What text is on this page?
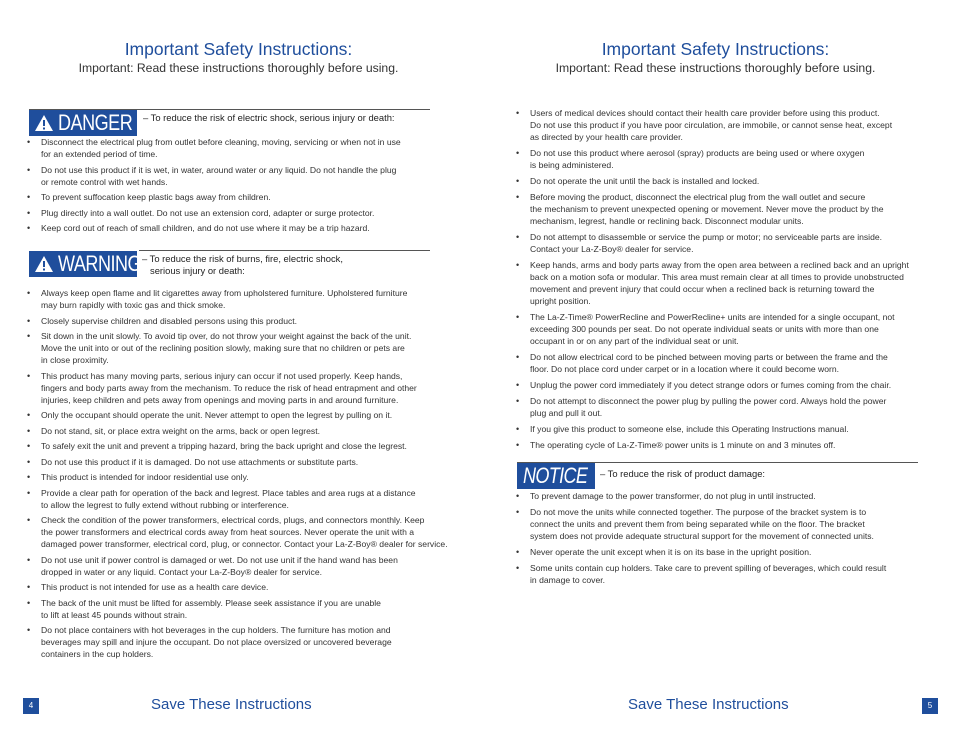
Important Safety Instructions:
Important: Read these instructions thoroughly before using.
DANGER – To reduce the risk of electric shock, serious injury or death:
• Disconnect the electrical plug from outlet before cleaning, moving, servicing or when not in use
for an extended period of time.
• Do not use this product if it is wet, in water, around water or any liquid. Do not handle the plug
or remote control with wet hands.
• To prevent suffocation keep plastic bags away from children.
• Plug directly into a wall outlet. Do not use an extension cord, adapter or surge protector.
• Keep cord out of reach of small children, and do not use where it may be a trip hazard.
WARNING – To reduce the risk of burns, fire, electric shock,
serious injury or death:
• Always keep open flame and lit cigarettes away from upholstered furniture. Upholstered furniture
may burn rapidly with toxic gas and thick smoke.
• Closely supervise children and disabled persons using this product.
• Sit down in the unit slowly. To avoid tip over, do not throw your weight against the back of the unit.
Move the unit into or out of the reclining position slowly, making sure that no children or pets are
in close proximity.
• This product has many moving parts, serious injury can occur if not used properly. Keep hands,
fingers and body parts away from the mechanism. To reduce the risk of head entrapment and other
injuries, keep children and pets away from openings and moving parts in and around furniture.
• Only the occupant should operate the unit. Never attempt to open the legrest by pulling on it.
• Do not stand, sit, or place extra weight on the arms, back or open legrest.
• To safely exit the unit and prevent a tripping hazard, bring the back upright and close the legrest.
• Do not use this product if it is damaged. Do not use attachments or substitute parts.
• This product is intended for indoor residential use only.
• Provide a clear path for operation of the back and legrest. Place tables and area rugs at a distance
to allow the legrest to fully extend without rubbing or interference.
• Check the condition of the power transformers, electrical cords, plugs, and connectors monthly. Keep
the power transformers and electrical cords away from heat sources. Never operate the unit with a
damaged power transformer, electrical cord, plug, or connector. Contact your La-Z-Boy® dealer for service.
• Do not use unit if power control is damaged or wet. Do not use unit if the hand wand has been
dropped in water or any liquid. Contact your La-Z-Boy® dealer for service.
• This product is not intended for use as a health care device.
• The back of the unit must be lifted for assembly. Please seek assistance if you are unable
to lift at least 45 pounds without strain.
• Do not place containers with hot beverages in the cup holders. The furniture has motion and
beverages may spill and injure the occupant. Do not place oversized or uncovered beverage
containers in the cup holders.
4	Save These Instructions
Important Safety Instructions:
Important: Read these instructions thoroughly before using.
• Users of medical devices should contact their health care provider before using this product.
Do not use this product if you have poor circulation, are immobile, or cannot sense heat, except
as directed by your health care provider.
• Do not use this product where aerosol (spray) products are being used or where oxygen
is being administered.
• Do not operate the unit until the back is installed and locked.
• Before moving the product, disconnect the electrical plug from the wall outlet and secure
the mechanism to prevent unexpected opening or movement. Never move the product by the
mechanism, legrest, handle or reclining back. Disconnect modular units.
• Do not attempt to disassemble or service the pump or motor; no serviceable parts are inside.
Contact your La-Z-Boy® dealer for service.
• Keep hands, arms and body parts away from the open area between a reclined back and an upright
back on a motion sofa or modular. This area must remain clear at all times to provide unobstructed
movement and prevent injury that could occur when a reclined back is returning toward the
upright position.
• The La-Z-Time® PowerRecline and PowerRecline+ units are intended for a single occupant, not
exceeding 300 pounds per seat. Do not operate individual seats or units with more than one
occupant in or on any part of the individual seat or unit.
• Do not allow electrical cord to be pinched between moving parts or between the frame and the
floor. Do not place cord under carpet or in a location where it could become worn.
• Unplug the power cord immediately if you detect strange odors or fumes coming from the chair.
• Do not attempt to disconnect the power plug by pulling the power cord. Always hold the power
plug and pull it out.
• If you give this product to someone else, include this Operating Instructions manual.
• The operating cycle of La-Z-Time® power units is 1 minute on and 3 minutes off.
NOTICE – To reduce the risk of product damage:
• To prevent damage to the power transformer, do not plug in until instructed.
• Do not move the units while connected together. The purpose of the bracket system is to
connect the units and prevent them from being separated while on the floor. The bracket
system does not provide adequate structural support for the movement of connected units.
• Never operate the unit except when it is on its base in the upright position.
• Some units contain cup holders. Take care to prevent spilling of beverages, which could result
in damage to cover.
Save These Instructions	5
